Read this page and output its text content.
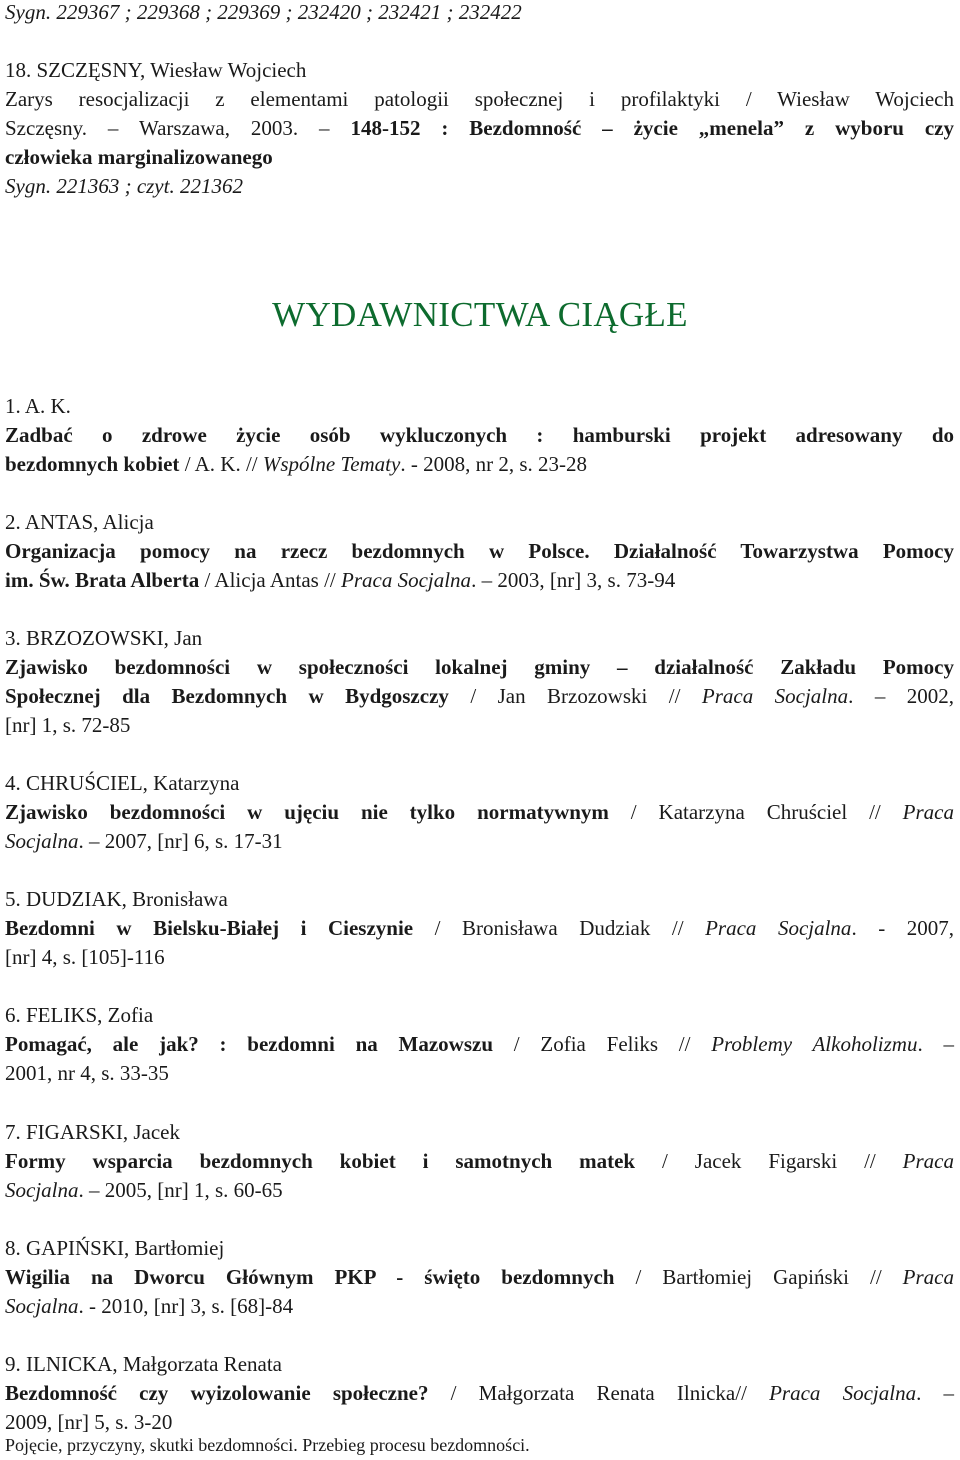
Sygn. 229367 ; 229368 ; 229369 ; 232420 ; 232421 ; 232422
18. SZCZĘSNY, Wiesław Wojciech
Zarys resocjalizacji z elementami patologii społecznej i profilaktyki / Wiesław Wojciech
Szczęsny. – Warszawa, 2003. – 148-152 : Bezdomność – życie „menela” z wyboru czy
człowieka marginalizowanego
Sygn. 221363 ; czyt. 221362
WYDAWNICTWA CIĄGŁE
1. A. K.
Zadbać o zdrowe życie osób wykluczonych : hamburski projekt adresowany do
bezdomnych kobiet / A. K. // Wspólne Tematy. - 2008, nr 2, s. 23-28
2. ANTAS, Alicja
Organizacja pomocy na rzecz bezdomnych w Polsce. Działalność Towarzystwa Pomocy
im. Św. Brata Alberta / Alicja Antas // Praca Socjalna. – 2003, [nr] 3, s. 73-94
3. BRZOZOWSKI, Jan
Zjawisko bezdomności w społeczności lokalnej gminy – działalność Zakładu Pomocy
Społecznej dla Bezdomnych w Bydgoszczy / Jan Brzozowski // Praca Socjalna. – 2002,
[nr] 1, s. 72-85
4. CHRUŚCIEL, Katarzyna
Zjawisko bezdomności w ujęciu nie tylko normatywnym / Katarzyna Chruściel // Praca
Socjalna. – 2007, [nr] 6, s. 17-31
5. DUDZIAK, Bronisława
Bezdomni w Bielsku-Białej i Cieszynie / Bronisława Dudziak // Praca Socjalna. - 2007,
[nr] 4, s. [105]-116
6. FELIKS, Zofia
Pomagać, ale jak? : bezdomni na Mazowszu / Zofia Feliks // Problemy Alkoholizmu. –
2001, nr 4, s. 33-35
7. FIGARSKI, Jacek
Formy wsparcia bezdomnych kobiet i samotnych matek / Jacek Figarski // Praca
Socjalna. – 2005, [nr] 1, s. 60-65
8. GAPIŃSKI, Bartłomiej
Wigilia na Dworcu Głównym PKP - święto bezdomnych / Bartłomiej Gapiński // Praca
Socjalna. - 2010, [nr] 3, s. [68]-84
9. ILNICKA, Małgorzata Renata
Bezdomność czy wyizolowanie społeczne? / Małgorzata Renata Ilnicka// Praca Socjalna. –
2009, [nr] 5, s. 3-20
Pojęcie, przyczyny, skutki bezdomności. Przebieg procesu bezdomności.
